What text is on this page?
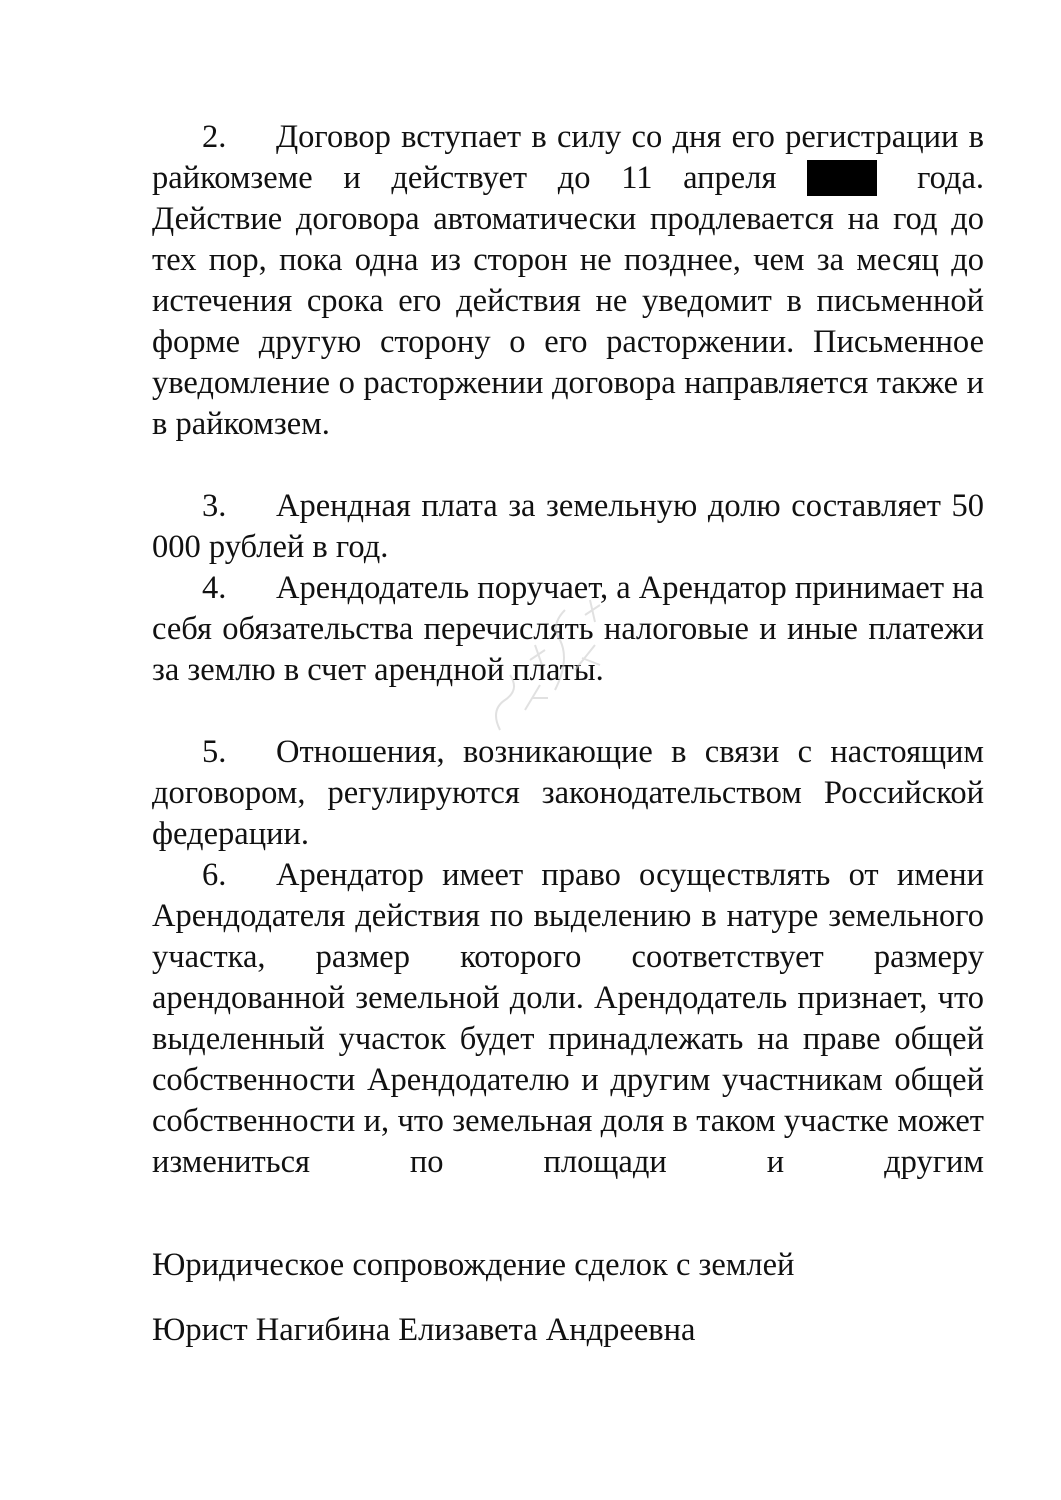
2. Договор вступает в силу со дня его регистрации в райкомземе и действует до 11 апреля	года. Действие договора автоматически продлевается на год до тех пор, пока одна из сторон не позднее, чем за месяц до истечения срока его действия не уведомит в письменной форме другую сторону о его расторжении. Письменное уведомление о расторжении договора направляется также и в райкомзем.

3. Арендная плата за земельную долю составляет 50 000 рублей в год.

4. Арендодатель поручает, а Арендатор принимает на себя обязательства перечислять налоговые и иные платежи за землю в счет арендной платы.

5. Отношения, возникающие в связи с настоящим договором, регулируются законодательством Российской федерации.

6. Арендатор имеет право осуществлять от имени Арендодателя действия по выделению в натуре земельного участка, размер которого соответствует размеру арендованной земельной доли. Арендодатель признает, что выделенный участок будет принадлежать на праве общей собственности Арендодателю и другим участникам общей собственности и, что земельная доля в таком участке может измениться по площади и другим

Юридическое сопровождение сделок с землей
Юрист Нагибина Елизавета Андреевна
